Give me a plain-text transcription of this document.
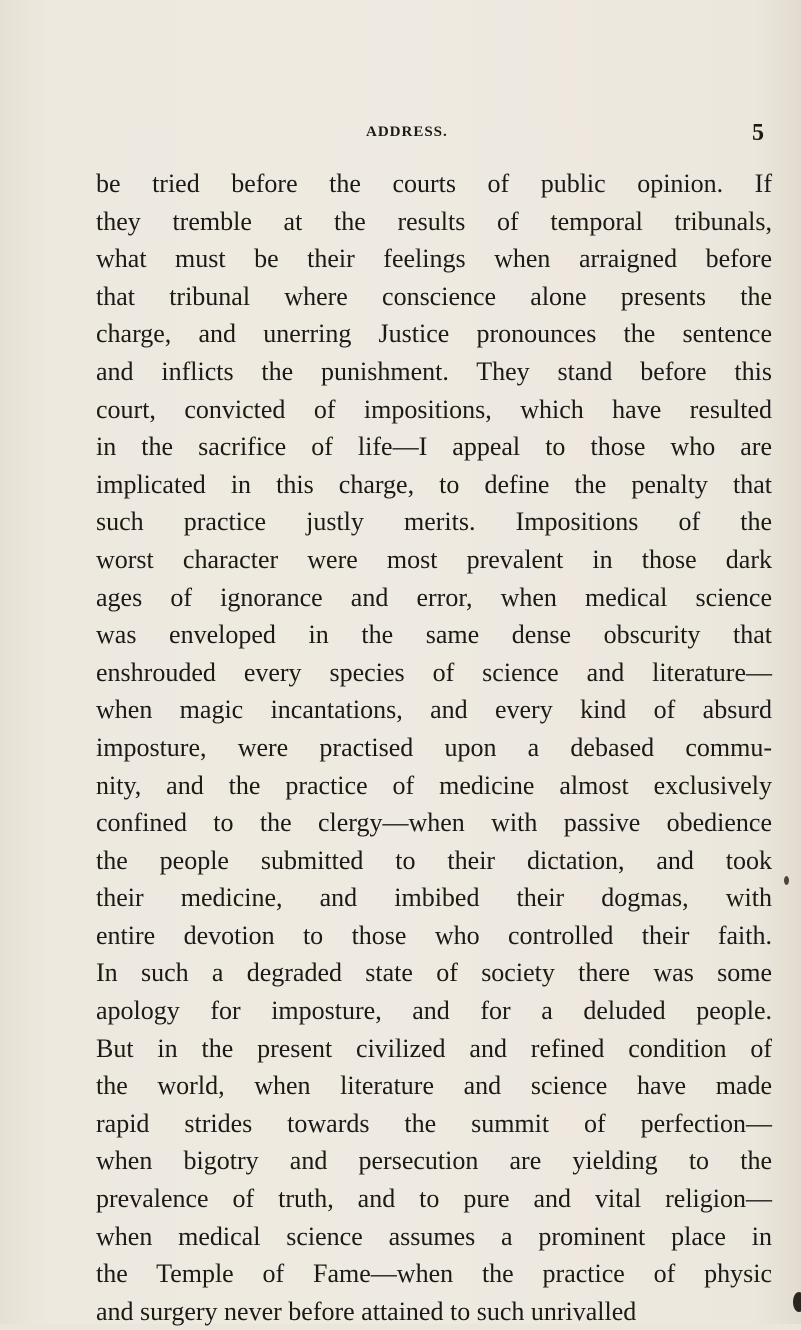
ADDRESS.	5
be tried before the courts of public opinion. If
they tremble at the results of temporal tribunals,
what must be their feelings when arraigned before
that tribunal where conscience alone presents the
charge, and unerring Justice pronounces the sentence
and inflicts the punishment. They stand before this
court, convicted of impositions, which have resulted
in the sacrifice of life—I appeal to those who are
implicated in this charge, to define the penalty that
such practice justly merits. Impositions of the
worst character were most prevalent in those dark
ages of ignorance and error, when medical science
was enveloped in the same dense obscurity that
enshrouded every species of science and literature—
when magic incantations, and every kind of absurd
imposture, were practised upon a debased commu-
nity, and the practice of medicine almost exclusively
confined to the clergy—when with passive obedience
the people submitted to their dictation, and took
their medicine, and imbibed their dogmas, with
entire devotion to those who controlled their faith.
In such a degraded state of society there was some
apology for imposture, and for a deluded people.
But in the present civilized and refined condition of
the world, when literature and science have made
rapid strides towards the summit of perfection—
when bigotry and persecution are yielding to the
prevalence of truth, and to pure and vital religion—
when medical science assumes a prominent place in
the Temple of Fame—when the practice of physic
and surgery never before attained to such unrivalled
